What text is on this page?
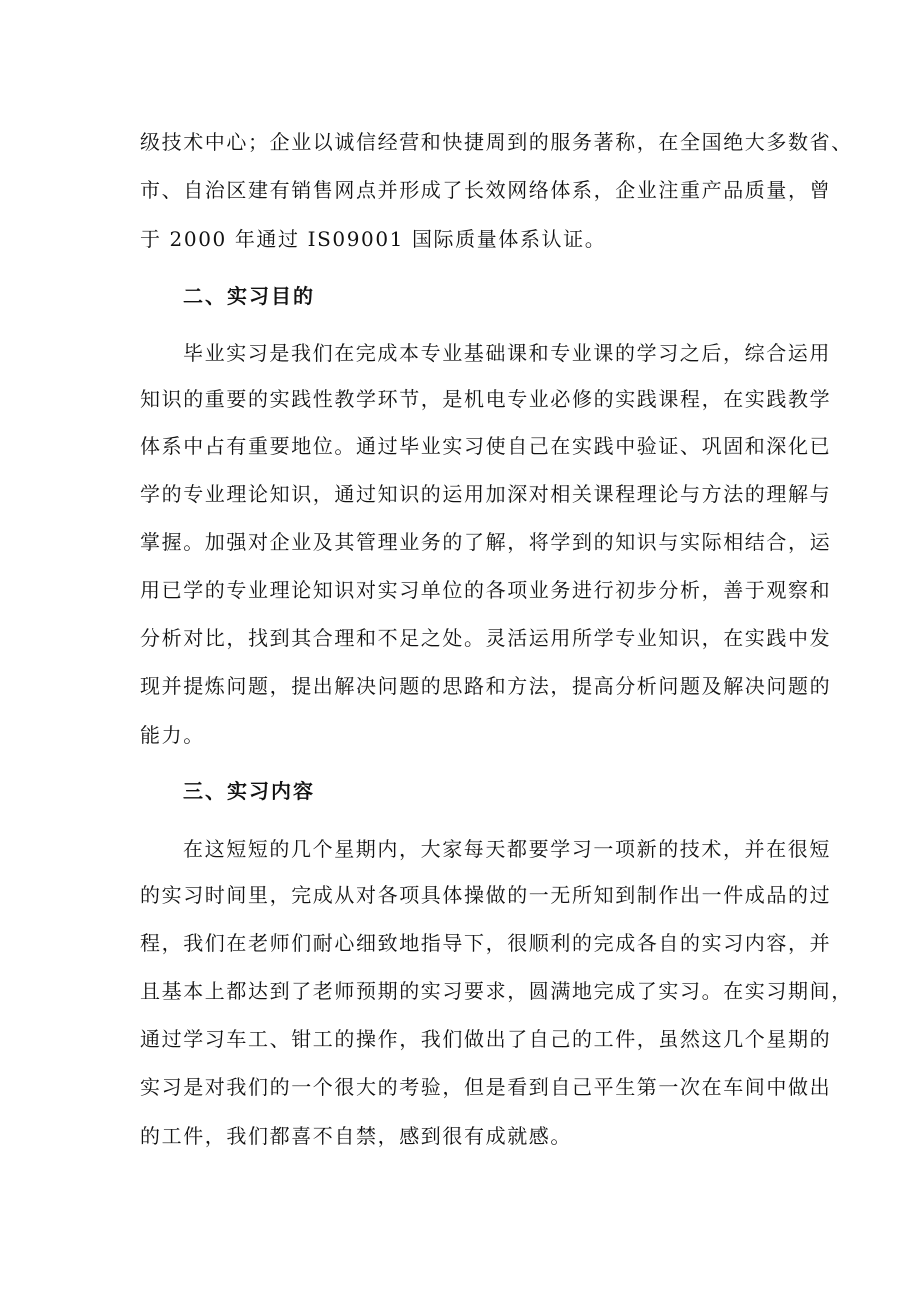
级技术中心；企业以诚信经营和快捷周到的服务著称，在全国绝大多数省、
市、自治区建有销售网点并形成了长效网络体系，企业注重产品质量，曾
于 2000 年通过 IS09001 国际质量体系认证。
二、实习目的
毕业实习是我们在完成本专业基础课和专业课的学习之后，综合运用
知识的重要的实践性教学环节，是机电专业必修的实践课程，在实践教学
体系中占有重要地位。通过毕业实习使自己在实践中验证、巩固和深化已
学的专业理论知识，通过知识的运用加深对相关课程理论与方法的理解与
掌握。加强对企业及其管理业务的了解，将学到的知识与实际相结合，运
用已学的专业理论知识对实习单位的各项业务进行初步分析，善于观察和
分析对比，找到其合理和不足之处。灵活运用所学专业知识，在实践中发
现并提炼问题，提出解决问题的思路和方法，提高分析问题及解决问题的
能力。
三、实习内容
在这短短的几个星期内，大家每天都要学习一项新的技术，并在很短
的实习时间里，完成从对各项具体操做的一无所知到制作出一件成品的过
程，我们在老师们耐心细致地指导下，很顺利的完成各自的实习内容，并
且基本上都达到了老师预期的实习要求，圆满地完成了实习。在实习期间，
通过学习车工、钳工的操作，我们做出了自己的工件，虽然这几个星期的
实习是对我们的一个很大的考验，但是看到自己平生第一次在车间中做出
的工件，我们都喜不自禁，感到很有成就感。
